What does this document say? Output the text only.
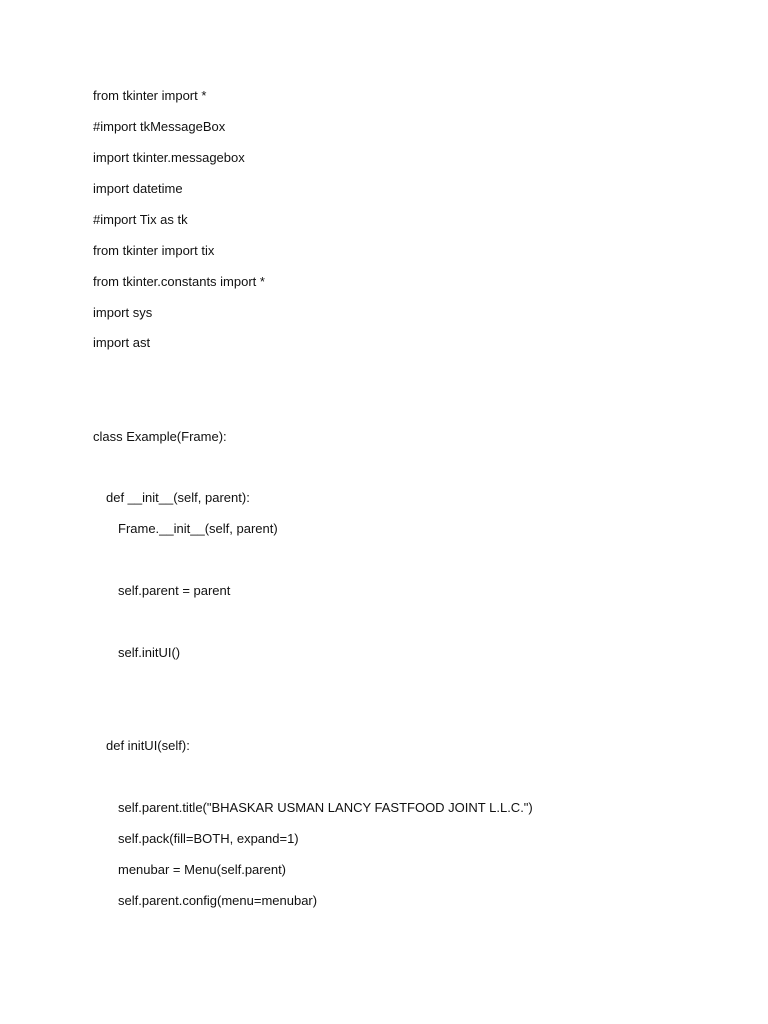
from tkinter import *
#import tkMessageBox
import tkinter.messagebox
import datetime
#import Tix as tk
from tkinter import tix
from tkinter.constants import *
import sys
import ast
class Example(Frame):
def __init__(self, parent):
Frame.__init__(self, parent)
self.parent = parent
self.initUI()
def initUI(self):
self.parent.title("BHASKAR USMAN LANCY FASTFOOD JOINT L.L.C.")
self.pack(fill=BOTH, expand=1)
menubar = Menu(self.parent)
self.parent.config(menu=menubar)
